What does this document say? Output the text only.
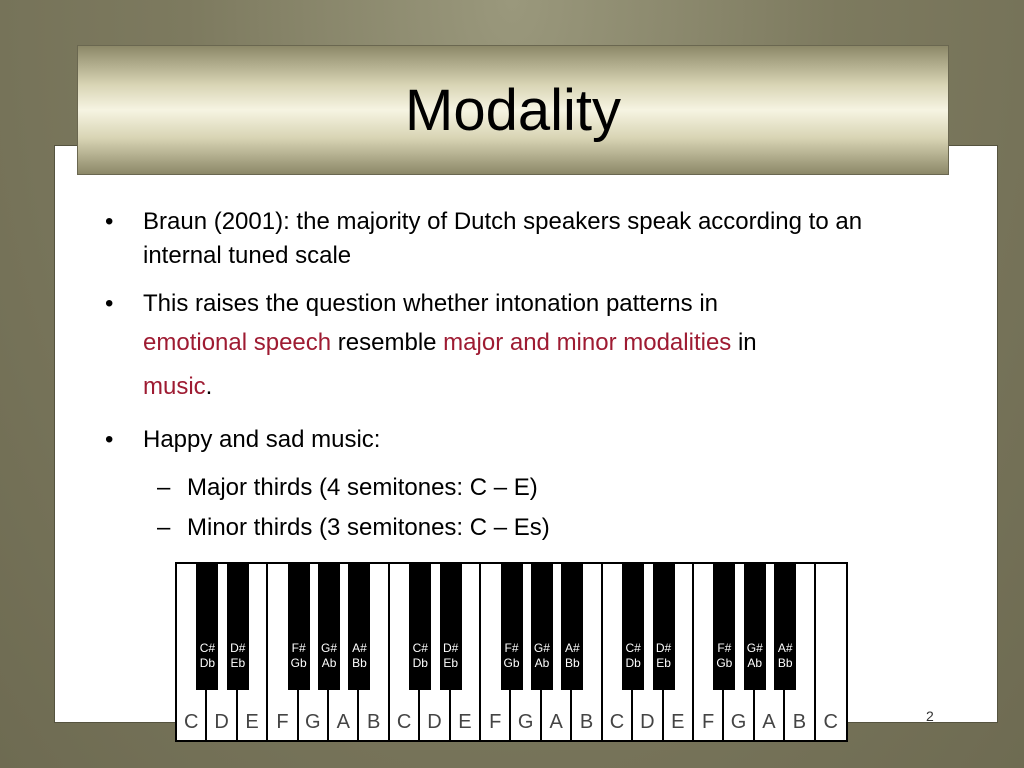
Modality
• Braun (2001): the majority of Dutch speakers speak according to an internal tuned scale
• This raises the question whether intonation patterns in
emotional speech resemble major and minor modalities in
music.
• Happy and sad music:
– Major thirds (4 semitones: C – E)
– Minor thirds (3 semitones: C – Es)
C D E F G A B C D E F G A B C D E F G A B C
C#
Db
D#
Eb
F#
Gb
G#
Ab
A#
Bb
C#
Db
D#
Eb
F#
Gb
G#
Ab
A#
Bb
C#
Db
D#
Eb
F#
Gb
G#
Ab
A#
Bb
2
